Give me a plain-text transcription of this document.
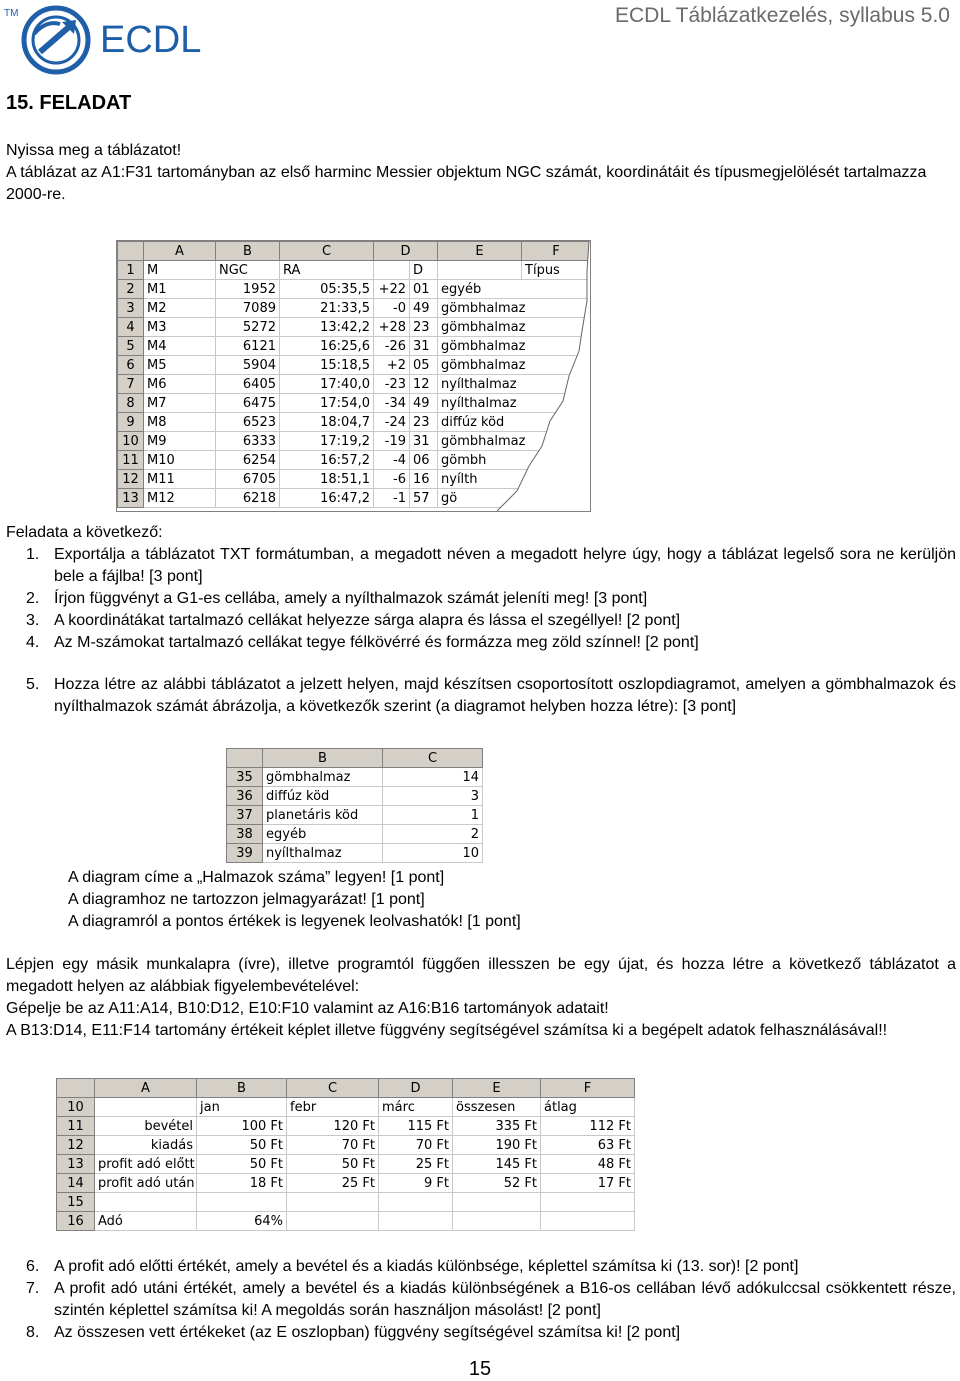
TM
ECDL
ECDL Táblázatkezelés, syllabus 5.0
15. FELADAT
Nyissa meg a táblázatot!
A táblázat az A1:F31 tartományban az első harminc Messier objektum NGC számát, koordinátáit és típusmegjelölését tartalmazza 2000-re.
	A	B	C	D		E	F
1	M	NGC	RA		D		Típus
2	M1	1952	05:35,5	+22	01	egyéb	
3	M2	7089	21:33,5	-0	49	gömbhalmaz	
4	M3	5272	13:42,2	+28	23	gömbhalmaz	
5	M4	6121	16:25,6	-26	31	gömbhalmaz	
6	M5	5904	15:18,5	+2	05	gömbhalmaz	
7	M6	6405	17:40,0	-23	12	nyílthalmaz	
8	M7	6475	17:54,0	-34	49	nyílthalmaz	
9	M8	6523	18:04,7	-24	23	diffúz köd	
10	M9	6333	17:19,2	-19	31	gömbhalmaz	
11	M10	6254	16:57,2	-4	06	gömbh	
12	M11	6705	18:51,1	-6	16	nyílth	
13	M12	6218	16:47,2	-1	57	gö	
Feladata a következő:
1. Exportálja a táblázatot TXT formátumban, a megadott néven a megadott helyre úgy, hogy a táblázat legelső sora ne kerüljön bele a fájlba! [3 pont]
2. Írjon függvényt a G1-es cellába, amely a nyílthalmazok számát jeleníti meg! [3 pont]
3. A koordinátákat tartalmazó cellákat helyezze sárga alapra és lássa el szegéllyel! [2 pont]
4. Az M-számokat tartalmazó cellákat tegye félkövérré és formázza meg zöld színnel! [2 pont]
5. Hozza létre az alábbi táblázatot a jelzett helyen, majd készítsen csoportosított oszlopdiagramot, amelyen a gömbhalmazok és nyílthalmazok számát ábrázolja, a következők szerint (a diagramot helyben hozza létre): [3 pont]
	B	C
35	gömbhalmaz	14
36	diffúz köd	3
37	planetáris köd	1
38	egyéb	2
39	nyílthalmaz	10
A diagram címe a „Halmazok száma” legyen! [1 pont]
A diagramhoz ne tartozzon jelmagyarázat! [1 pont]
A diagramról a pontos értékek is legyenek leolvashatók! [1 pont]
Lépjen egy másik munkalapra (ívre), illetve programtól függően illesszen be egy újat, és hozza létre a következő táblázatot a megadott helyen az alábbiak figyelembevételével:
Gépelje be az A11:A14, B10:D12, E10:F10 valamint az A16:B16 tartományok adatait!
A B13:D14, E11:F14 tartomány értékeit képlet illetve függvény segítségével számítsa ki a begépelt adatok felhasználásával!!
	A	B	C	D	E	F
10		jan	febr	márc	összesen	átlag
11	bevétel	100 Ft	120 Ft	115 Ft	335 Ft	112 Ft
12	kiadás	50 Ft	70 Ft	70 Ft	190 Ft	63 Ft
13	profit adó előtt	50 Ft	50 Ft	25 Ft	145 Ft	48 Ft
14	profit adó után	18 Ft	25 Ft	9 Ft	52 Ft	17 Ft
15						
16	Adó	64%				
6. A profit adó előtti értékét, amely a bevétel és a kiadás különbsége, képlettel számítsa ki (13. sor)! [2 pont]
7. A profit adó utáni értékét, amely a bevétel és a kiadás különbségének a B16-os cellában lévő adókulccsal csökkentett része, szintén képlettel számítsa ki! A megoldás során használjon másolást! [2 pont]
8. Az összesen vett értékeket (az E oszlopban) függvény segítségével számítsa ki! [2 pont]
15
